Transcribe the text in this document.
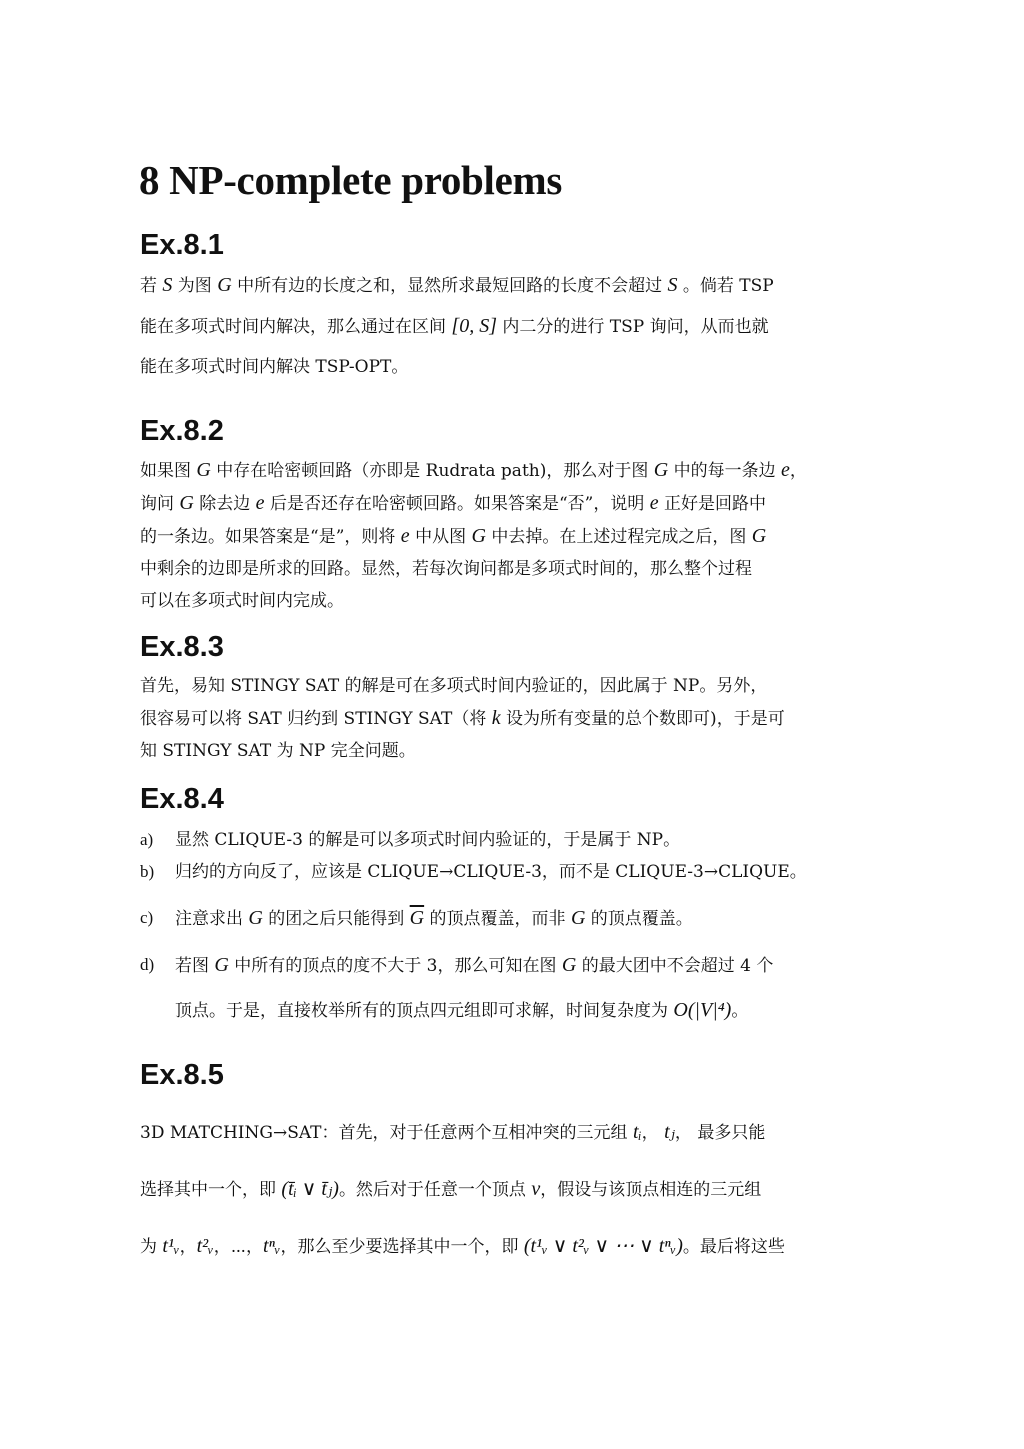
8 NP-complete problems
Ex.8.1

若 S 为图 G 中所有边的长度之和，显然所求最短回路的长度不会超过 S 。倘若 TSP

能在多项式时间内解决，那么通过在区间 [0, S] 内二分的进行 TSP 询问，从而也就

能在多项式时间内解决 TSP-OPT。

Ex.8.2

如果图 G 中存在哈密顿回路（亦即是 Rudrata path)，那么对于图 G 中的每一条边 e，

询问 G 除去边 e 后是否还存在哈密顿回路。如果答案是“否”，说明 e 正好是回路中

的一条边。如果答案是“是”，则将 e 中从图 G 中去掉。在上述过程完成之后，图 G

中剩余的边即是所求的回路。显然，若每次询问都是多项式时间的，那么整个过程

可以在多项式时间内完成。

Ex.8.3

首先，易知 STINGY SAT 的解是可在多项式时间内验证的，因此属于 NP。另外，

很容易可以将 SAT 归约到 STINGY SAT（将 k 设为所有变量的总个数即可)，于是可

知 STINGY SAT 为 NP 完全问题。

Ex.8.4
a)	显然 CLIQUE-3 的解是可以多项式时间内验证的，于是属于 NP。
b)	归约的方向反了，应该是 CLIQUE→CLIQUE-3，而不是 CLIQUE-3→CLIQUE。
c)	注意求出 G 的团之后只能得到 $\overline{G}$ 的顶点覆盖，而非 G 的顶点覆盖。
d)	若图 G 中所有的顶点的度不大于 3，那么可知在图 G 的最大团中不会超过 4 个
顶点。于是，直接枚举所有的顶点四元组即可求解，时间复杂度为 O(|V|⁴)。
Ex.8.5

3D MATCHING→SAT：首先，对于任意两个互相冲突的三元组 tᵢ， tⱼ， 最多只能

选择其中一个，即 (t̄ᵢ ∨ t̄ⱼ)。然后对于任意一个顶点 v，假设与该顶点相连的三元组

为 t¹ᵥ，t²ᵥ，⋯，tⁿᵥ，那么至少要选择其中一个，即 (t¹ᵥ ∨ t²ᵥ ∨ ⋯ ∨ tⁿᵥ)。最后将这些
